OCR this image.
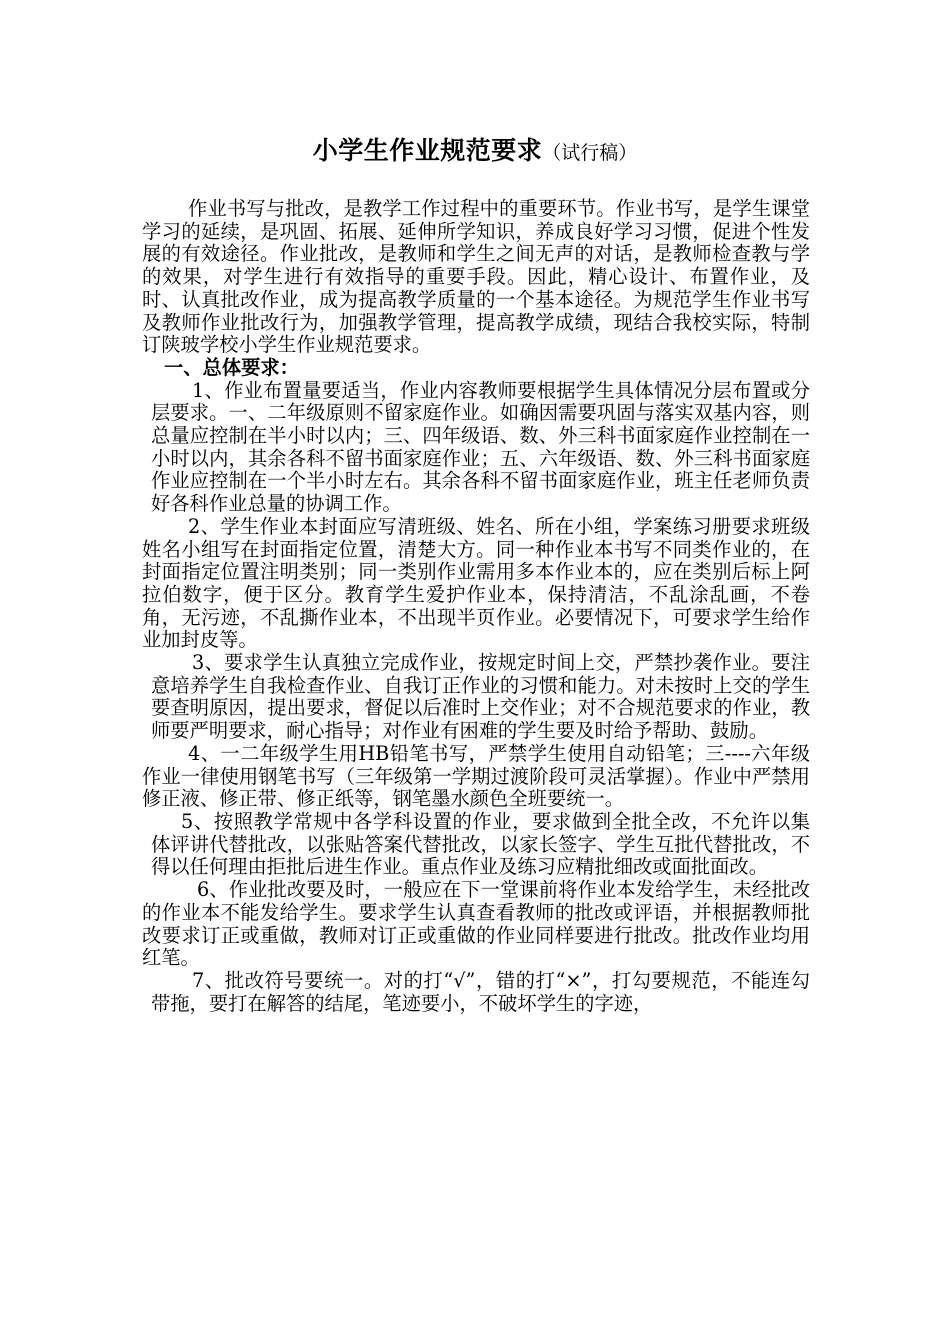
小学生作业规范要求（试行稿）

作业书写与批改，是教学工作过程中的重要环节。作业书写，是学生课堂学习的延续，是巩固、拓展、延伸所学知识，养成良好学习习惯，促进个性发展的有效途径。作业批改，是教师和学生之间无声的对话，是教师检查教与学的效果，对学生进行有效指导的重要手段。因此，精心设计、布置作业，及时、认真批改作业，成为提高教学质量的一个基本途径。为规范学生作业书写及教师作业批改行为，加强教学管理，提高教学成绩，现结合我校实际，特制订陕玻学校小学生作业规范要求。

一、总体要求：

1、作业布置量要适当，作业内容教师要根据学生具体情况分层布置或分层要求。一、二年级原则不留家庭作业。如确因需要巩固与落实双基内容，则总量应控制在半小时以内；三、四年级语、数、外三科书面家庭作业控制在一小时以内，其余各科不留书面家庭作业；五、六年级语、数、外三科书面家庭作业应控制在一个半小时左右。其余各科不留书面家庭作业，班主任老师负责好各科作业总量的协调工作。

2、学生作业本封面应写清班级、姓名、所在小组，学案练习册要求班级姓名小组写在封面指定位置，清楚大方。同一种作业本书写不同类作业的，在封面指定位置注明类别；同一类别作业需用多本作业本的，应在类别后标上阿拉伯数字，便于区分。教育学生爱护作业本，保持清洁，不乱涂乱画，不卷角，无污迹，不乱撕作业本，不出现半页作业。必要情况下，可要求学生给作业加封皮等。

3、要求学生认真独立完成作业，按规定时间上交，严禁抄袭作业。要注意培养学生自我检查作业、自我订正作业的习惯和能力。对未按时上交的学生要查明原因，提出要求，督促以后准时上交作业；对不合规范要求的作业，教师要严明要求，耐心指导；对作业有困难的学生要及时给予帮助、鼓励。

4、一二年级学生用HB铅笔书写，严禁学生使用自动铅笔；三----六年级作业一律使用钢笔书写（三年级第一学期过渡阶段可灵活掌握）。作业中严禁用修正液、修正带、修正纸等，钢笔墨水颜色全班要统一。

5、按照教学常规中各学科设置的作业，要求做到全批全改，不允许以集体评讲代替批改，以张贴答案代替批改，以家长签字、学生互批代替批改，不得以任何理由拒批后进生作业。重点作业及练习应精批细改或面批面改。

6、作业批改要及时，一般应在下一堂课前将作业本发给学生，未经批改的作业本不能发给学生。要求学生认真查看教师的批改或评语，并根据教师批改要求订正或重做，教师对订正或重做的作业同样要进行批改。批改作业均用红笔。

7、批改符号要统一。对的打“√”，错的打“×”，打勾要规范，不能连勾带拖，要打在解答的结尾，笔迹要小，不破坏学生的字迹，
